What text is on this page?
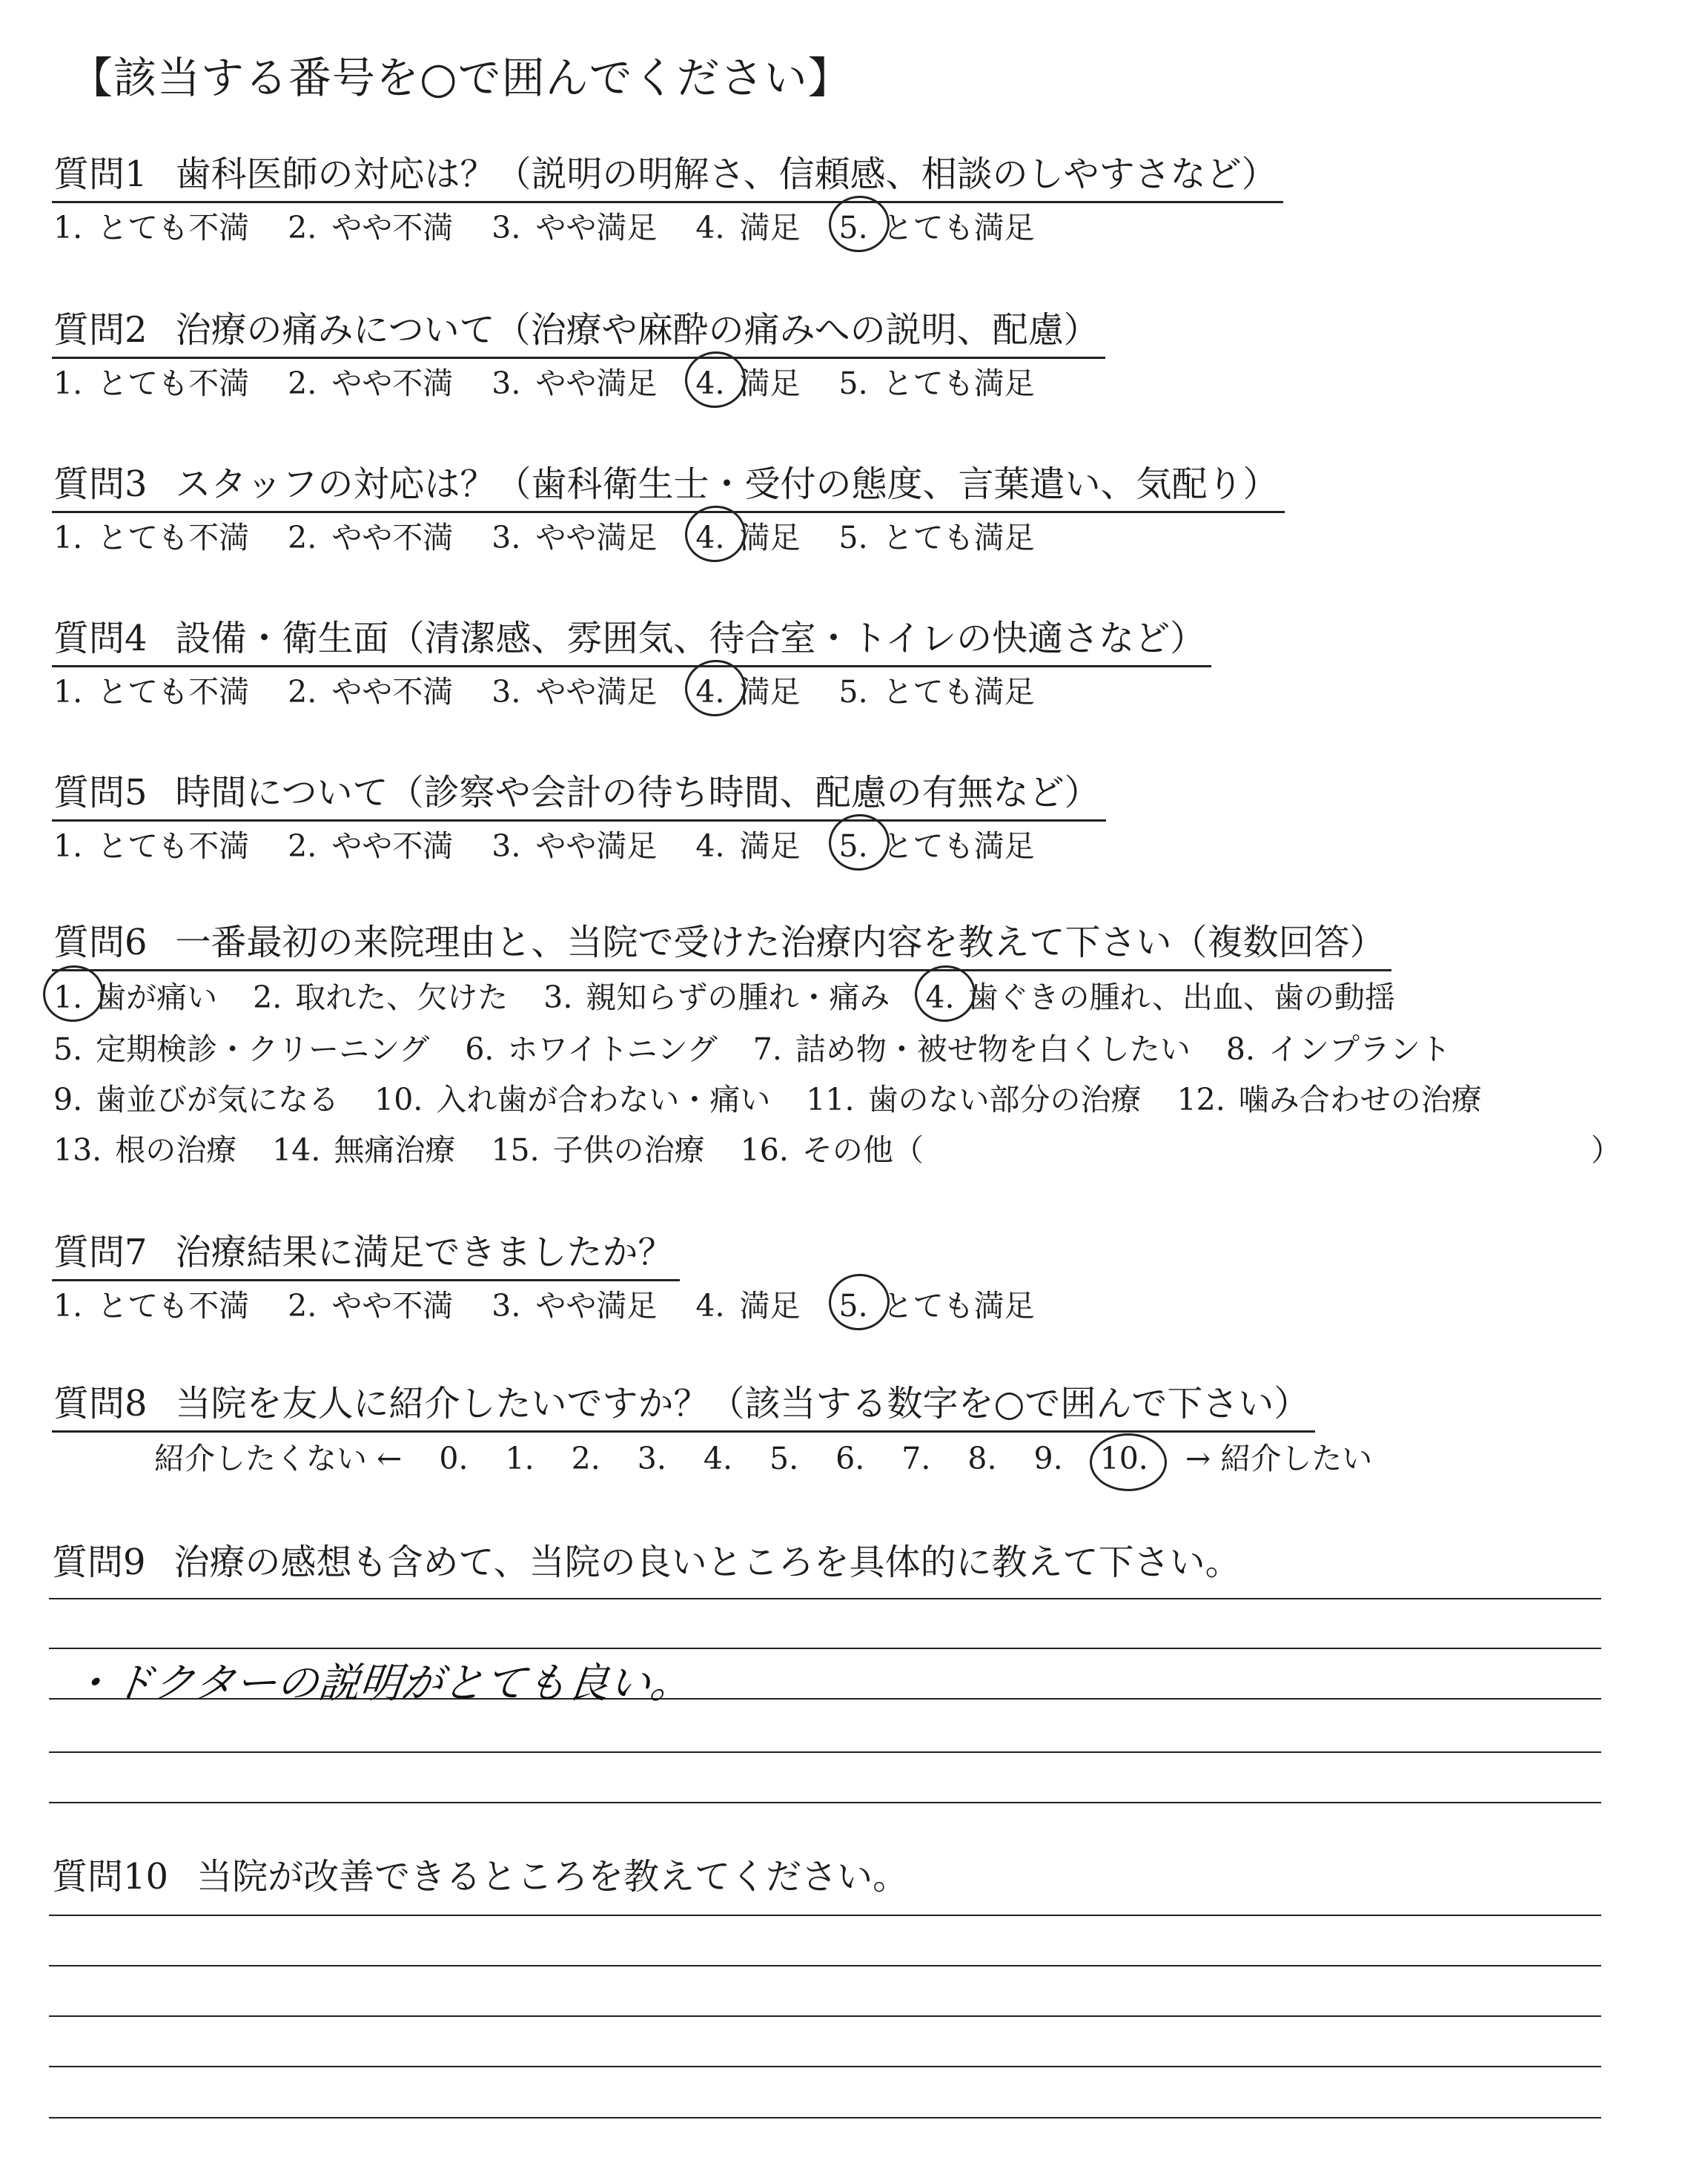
【該当する番号を○で囲んでください】
質問1 歯科医師の対応は？（説明の明解さ、信頼感、相談のしやすさなど）
1. とても不満 2. やや不満 3. やや満足 4. 満足 5. とても満足
質問2 治療の痛みについて（治療や麻酔の痛みへの説明、配慮）
1. とても不満 2. やや不満 3. やや満足 4. 満足 5. とても満足
質問3 スタッフの対応は？（歯科衛生士・受付の態度、言葉遣い、気配り）
1. とても不満 2. やや不満 3. やや満足 4. 満足 5. とても満足
質問4 設備・衛生面（清潔感、雰囲気、待合室・トイレの快適さなど）
1. とても不満 2. やや不満 3. やや満足 4. 満足 5. とても満足
質問5 時間について（診察や会計の待ち時間、配慮の有無など）
1. とても不満 2. やや不満 3. やや満足 4. 満足 5. とても満足
質問6 一番最初の来院理由と、当院で受けた治療内容を教えて下さい（複数回答）
1. 歯が痛い 2. 取れた、欠けた 3. 親知らずの腫れ・痛み 4. 歯ぐきの腫れ、出血、歯の動揺
5. 定期検診・クリーニング 6. ホワイトニング 7. 詰め物・被せ物を白くしたい 8. インプラント
9. 歯並びが気になる 10. 入れ歯が合わない・痛い 11. 歯のない部分の治療 12. 噛み合わせの治療
13. 根の治療 14. 無痛治療 15. 子供の治療 16. その他（	）
質問7 治療結果に満足できましたか？
1. とても不満 2. やや不満 3. やや満足 4. 満足 5. とても満足
質問8 当院を友人に紹介したいですか？（該当する数字を○で囲んで下さい）
紹介したくない ← 0. 1. 2. 3. 4. 5. 6. 7. 8. 9. 10. → 紹介したい
質問9 治療の感想も含めて、当院の良いところを具体的に教えて下さい。
・ドクターの説明がとても良い。
質問10 当院が改善できるところを教えてください。
